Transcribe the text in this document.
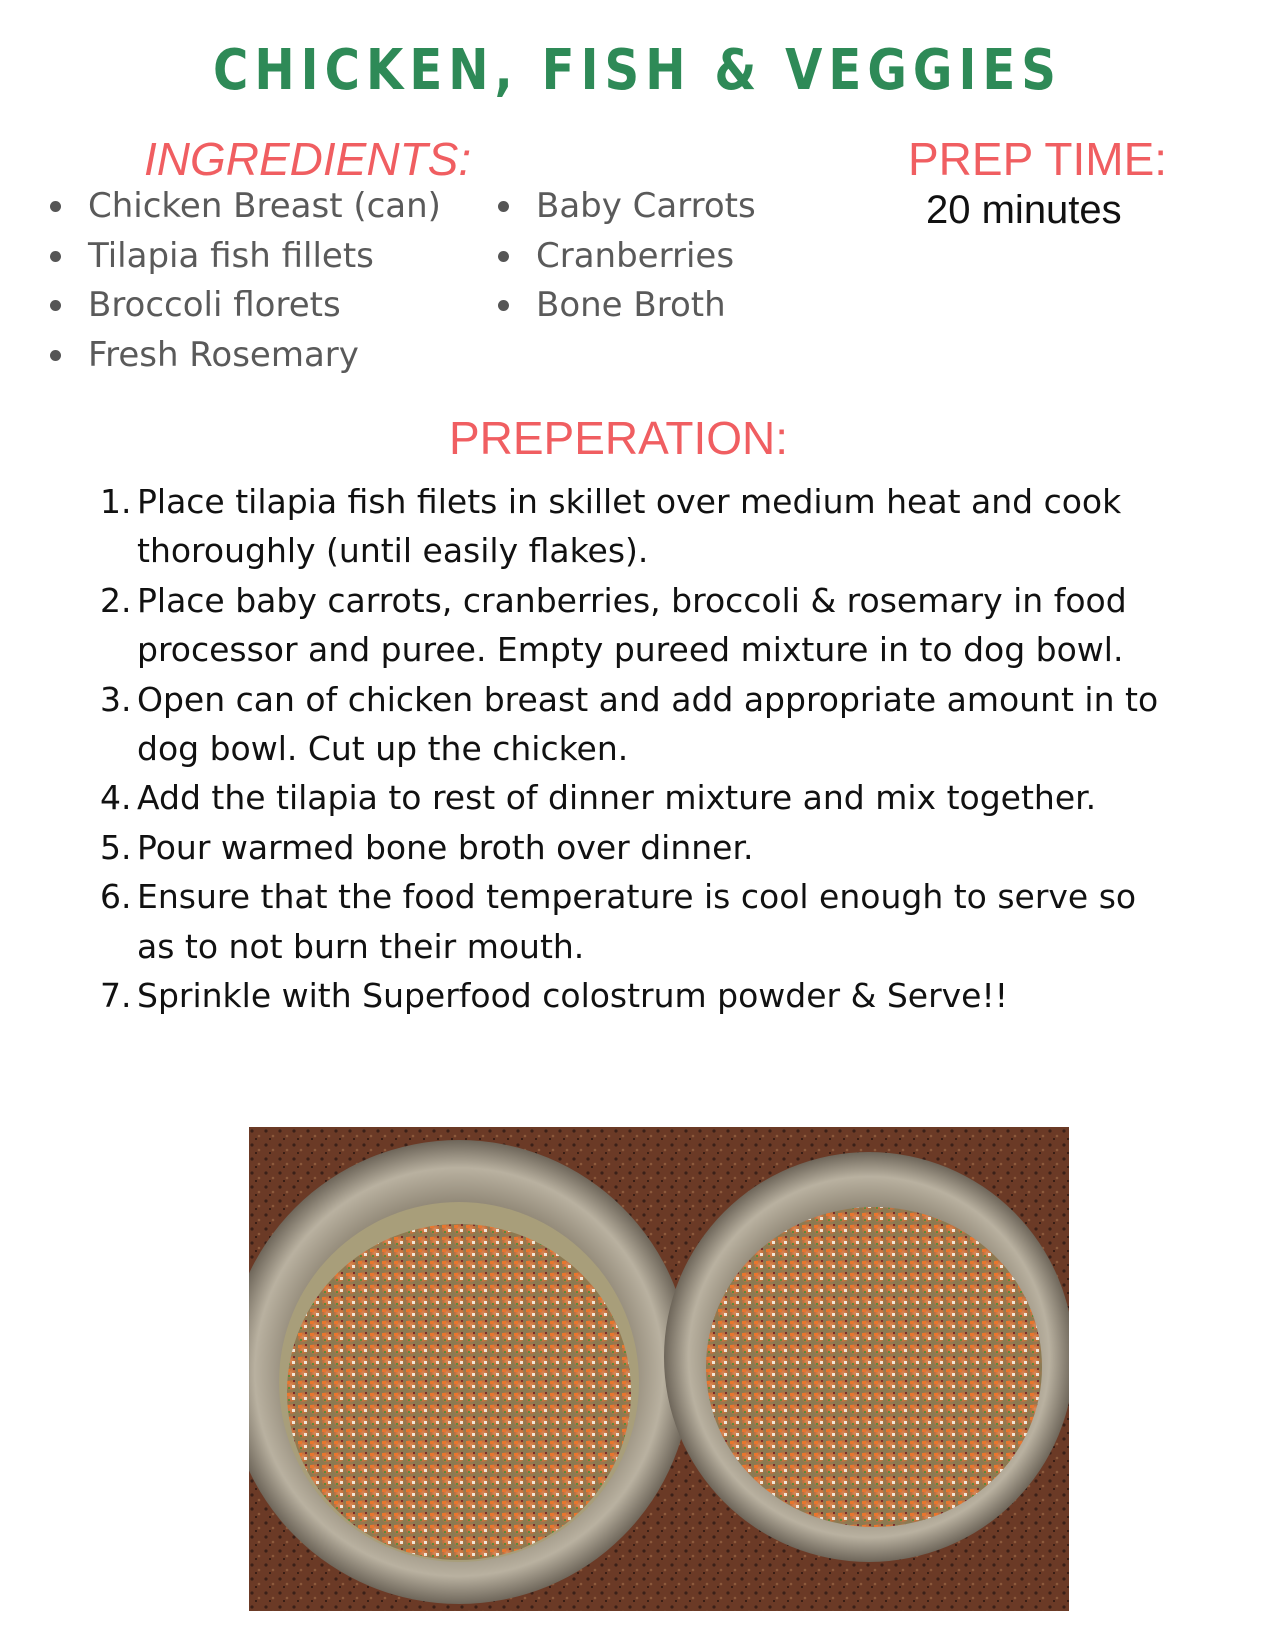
CHICKEN, FISH & VEGGIES
INGREDIENTS:	PREP TIME:
20 minutes
Chicken Breast (can)
Tilapia fish fillets
Broccoli florets
Fresh Rosemary
Baby Carrots
Cranberries
Bone Broth
PREPERATION:
1. Place tilapia fish filets in skillet over medium heat and cook thoroughly (until easily flakes).
2. Place baby carrots, cranberries, broccoli & rosemary in food processor and puree. Empty pureed mixture in to dog bowl.
3. Open can of chicken breast and add appropriate amount in to dog bowl. Cut up the chicken.
4. Add the tilapia to rest of dinner mixture and mix together.
5. Pour warmed bone broth over dinner.
6. Ensure that the food temperature is cool enough to serve so as to not burn their mouth.
7. Sprinkle with Superfood colostrum powder & Serve!!
